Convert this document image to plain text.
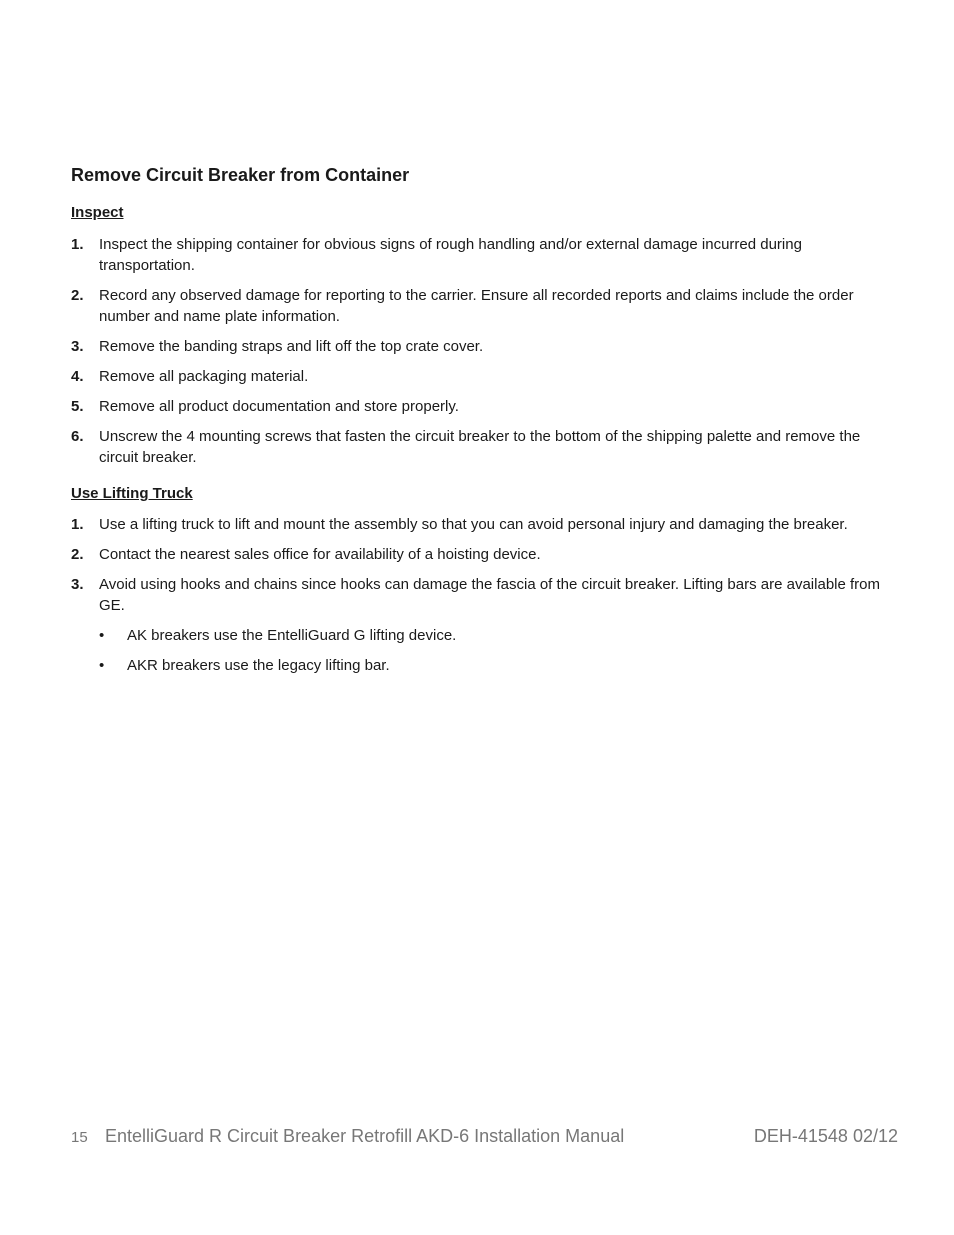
Remove Circuit Breaker from Container
Inspect
1. Inspect the shipping container for obvious signs of rough handling and/or external damage incurred during transportation.
2. Record any observed damage for reporting to the carrier. Ensure all recorded reports and claims include the order number and name plate information.
3. Remove the banding straps and lift off the top crate cover.
4. Remove all packaging material.
5. Remove all product documentation and store properly.
6. Unscrew the 4 mounting screws that fasten the circuit breaker to the bottom of the shipping palette and remove the circuit breaker.
Use Lifting Truck
1. Use a lifting truck to lift and mount the assembly so that you can avoid personal injury and damaging the breaker.
2. Contact the nearest sales office for availability of a hoisting device.
3. Avoid using hooks and chains since hooks can damage the fascia of the circuit breaker. Lifting bars are available from GE.
• AK breakers use the EntelliGuard G lifting device.
• AKR breakers use the legacy lifting bar.
15 EntelliGuard R Circuit Breaker Retrofill AKD-6 Installation Manual	DEH-41548 02/12
